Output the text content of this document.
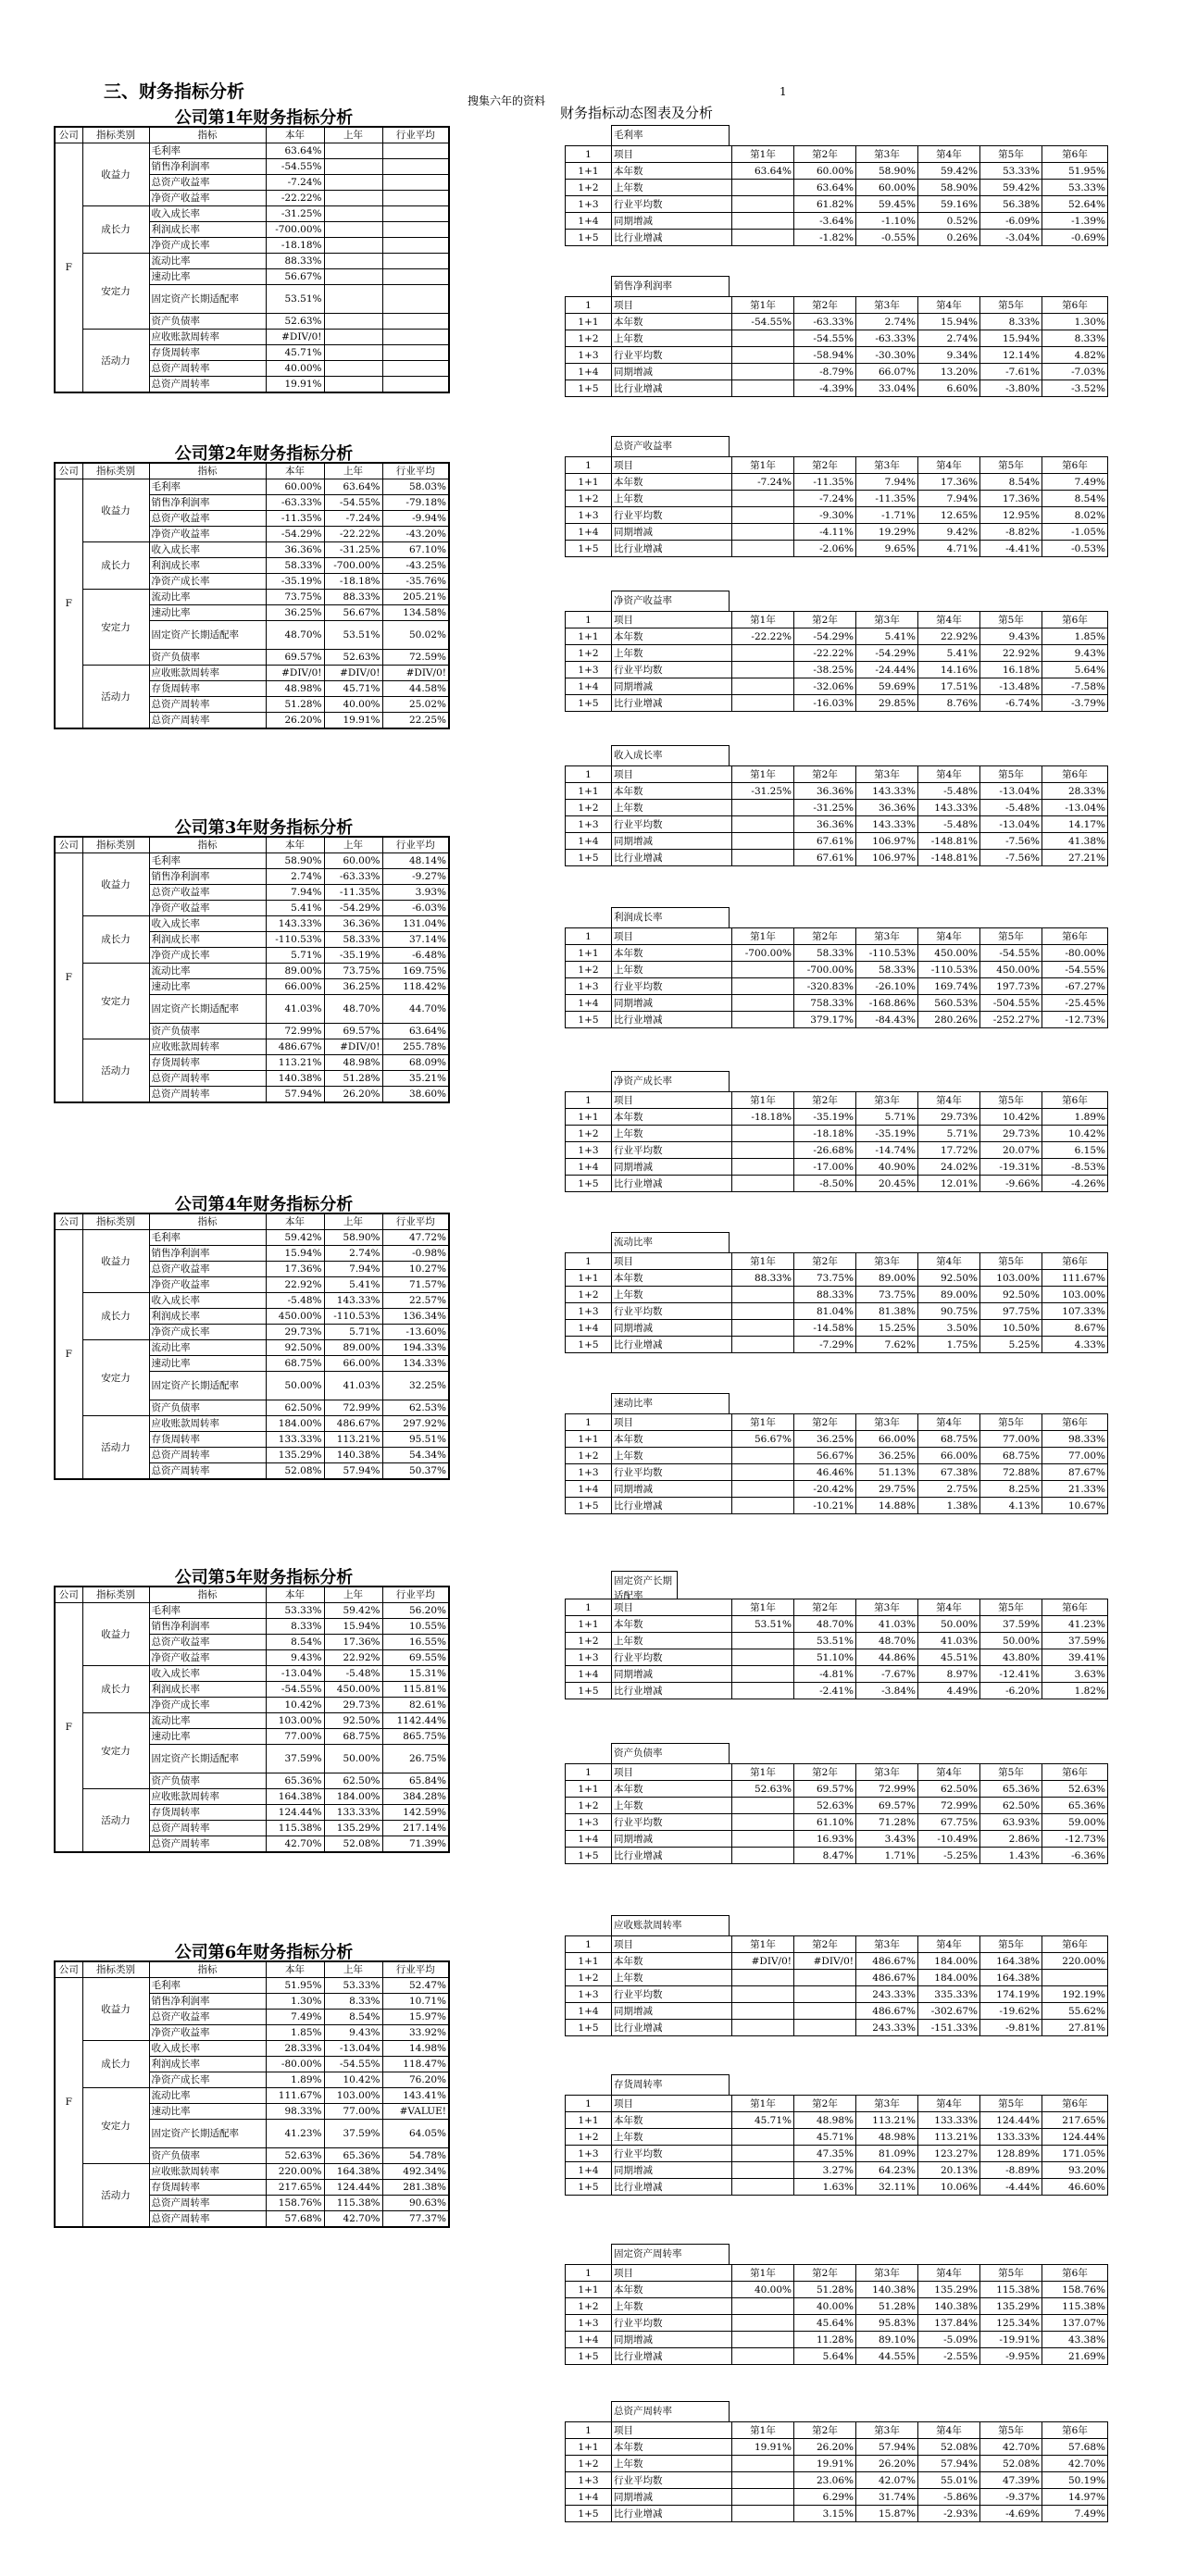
三、财务指标分析	搜集六年的资料
财务指标动态图表及分析
1
公司第1年财务指标分析
公司	指标类别	指标	本年	上年	行业平均
F	收益力	毛利率	63.64%		
		销售净利润率	-54.55%		
		总资产收益率	-7.24%		
		净资产收益率	-22.22%		
	成长力	收入成长率	-31.25%		
		利润成长率	-700.00%		
		净资产成长率	-18.18%		
	安定力	流动比率	88.33%		
		速动比率	56.67%		
		固定资产长期适配率	53.51%		
		资产负债率	52.63%		
	活动力	应收账款周转率	#DIV/0!		
		存货周转率	45.71%		
		总资产周转率	40.00%		
		总资产周转率	19.91%		
公司第2年财务指标分析
公司	指标类别	指标	本年	上年	行业平均
F	收益力	毛利率	60.00%	63.64%	58.03%
		销售净利润率	-63.33%	-54.55%	-79.18%
		总资产收益率	-11.35%	-7.24%	-9.94%
		净资产收益率	-54.29%	-22.22%	-43.20%
	成长力	收入成长率	36.36%	-31.25%	67.10%
		利润成长率	58.33%	-700.00%	-43.25%
		净资产成长率	-35.19%	-18.18%	-35.76%
	安定力	流动比率	73.75%	88.33%	205.21%
		速动比率	36.25%	56.67%	134.58%
		固定资产长期适配率	48.70%	53.51%	50.02%
		资产负债率	69.57%	52.63%	72.59%
	活动力	应收账款周转率	#DIV/0!	#DIV/0!	#DIV/0!
		存货周转率	48.98%	45.71%	44.58%
		总资产周转率	51.28%	40.00%	25.02%
		总资产周转率	26.20%	19.91%	22.25%
公司第3年财务指标分析
公司	指标类别	指标	本年	上年	行业平均
F	收益力	毛利率	58.90%	60.00%	48.14%
		销售净利润率	2.74%	-63.33%	-9.27%
		总资产收益率	7.94%	-11.35%	3.93%
		净资产收益率	5.41%	-54.29%	-6.03%
	成长力	收入成长率	143.33%	36.36%	131.04%
		利润成长率	-110.53%	58.33%	37.14%
		净资产成长率	5.71%	-35.19%	-6.48%
	安定力	流动比率	89.00%	73.75%	169.75%
		速动比率	66.00%	36.25%	118.42%
		固定资产长期适配率	41.03%	48.70%	44.70%
		资产负债率	72.99%	69.57%	63.64%
	活动力	应收账款周转率	486.67%	#DIV/0!	255.78%
		存货周转率	113.21%	48.98%	68.09%
		总资产周转率	140.38%	51.28%	35.21%
		总资产周转率	57.94%	26.20%	38.60%
公司第4年财务指标分析
公司	指标类别	指标	本年	上年	行业平均
F	收益力	毛利率	59.42%	58.90%	47.72%
		销售净利润率	15.94%	2.74%	-0.98%
		总资产收益率	17.36%	7.94%	10.27%
		净资产收益率	22.92%	5.41%	71.57%
	成长力	收入成长率	-5.48%	143.33%	22.57%
		利润成长率	450.00%	-110.53%	136.34%
		净资产成长率	29.73%	5.71%	-13.60%
	安定力	流动比率	92.50%	89.00%	194.33%
		速动比率	68.75%	66.00%	134.33%
		固定资产长期适配率	50.00%	41.03%	32.25%
		资产负债率	62.50%	72.99%	62.53%
	活动力	应收账款周转率	184.00%	486.67%	297.92%
		存货周转率	133.33%	113.21%	95.51%
		总资产周转率	135.29%	140.38%	54.34%
		总资产周转率	52.08%	57.94%	50.37%
公司第5年财务指标分析
公司	指标类别	指标	本年	上年	行业平均
F	收益力	毛利率	53.33%	59.42%	56.20%
		销售净利润率	8.33%	15.94%	10.55%
		总资产收益率	8.54%	17.36%	16.55%
		净资产收益率	9.43%	22.92%	69.55%
	成长力	收入成长率	-13.04%	-5.48%	15.31%
		利润成长率	-54.55%	450.00%	115.81%
		净资产成长率	10.42%	29.73%	82.61%
	安定力	流动比率	103.00%	92.50%	1142.44%
		速动比率	77.00%	68.75%	865.75%
		固定资产长期适配率	37.59%	50.00%	26.75%
		资产负债率	65.36%	62.50%	65.84%
	活动力	应收账款周转率	164.38%	184.00%	384.28%
		存货周转率	124.44%	133.33%	142.59%
		总资产周转率	115.38%	135.29%	217.14%
		总资产周转率	42.70%	52.08%	71.39%
公司第6年财务指标分析
公司	指标类别	指标	本年	上年	行业平均
F	收益力	毛利率	51.95%	53.33%	52.47%
		销售净利润率	1.30%	8.33%	10.71%
		总资产收益率	7.49%	8.54%	15.97%
		净资产收益率	1.85%	9.43%	33.92%
	成长力	收入成长率	28.33%	-13.04%	14.98%
		利润成长率	-80.00%	-54.55%	118.47%
		净资产成长率	1.89%	10.42%	76.20%
	安定力	流动比率	111.67%	103.00%	143.41%
		速动比率	98.33%	77.00%	#VALUE!
		固定资产长期适配率	41.23%	37.59%	64.05%
		资产负债率	52.63%	65.36%	54.78%
	活动力	应收账款周转率	220.00%	164.38%	492.34%
		存货周转率	217.65%	124.44%	281.38%
		总资产周转率	158.76%	115.38%	90.63%
		总资产周转率	57.68%	42.70%	77.37%
毛利率
1	项目	第1年	第2年	第3年	第4年	第5年	第6年
1+1	本年数	63.64%	60.00%	58.90%	59.42%	53.33%	51.95%
1+2	上年数		63.64%	60.00%	58.90%	59.42%	53.33%
1+3	行业平均数		61.82%	59.45%	59.16%	56.38%	52.64%
1+4	同期增减		-3.64%	-1.10%	0.52%	-6.09%	-1.39%
1+5	比行业增减		-1.82%	-0.55%	0.26%	-3.04%	-0.69%
销售净利润率
1	项目	第1年	第2年	第3年	第4年	第5年	第6年
1+1	本年数	-54.55%	-63.33%	2.74%	15.94%	8.33%	1.30%
1+2	上年数		-54.55%	-63.33%	2.74%	15.94%	8.33%
1+3	行业平均数		-58.94%	-30.30%	9.34%	12.14%	4.82%
1+4	同期增减		-8.79%	66.07%	13.20%	-7.61%	-7.03%
1+5	比行业增减		-4.39%	33.04%	6.60%	-3.80%	-3.52%
总资产收益率
1	项目	第1年	第2年	第3年	第4年	第5年	第6年
1+1	本年数	-7.24%	-11.35%	7.94%	17.36%	8.54%	7.49%
1+2	上年数		-7.24%	-11.35%	7.94%	17.36%	8.54%
1+3	行业平均数		-9.30%	-1.71%	12.65%	12.95%	8.02%
1+4	同期增减		-4.11%	19.29%	9.42%	-8.82%	-1.05%
1+5	比行业增减		-2.06%	9.65%	4.71%	-4.41%	-0.53%
净资产收益率
1	项目	第1年	第2年	第3年	第4年	第5年	第6年
1+1	本年数	-22.22%	-54.29%	5.41%	22.92%	9.43%	1.85%
1+2	上年数		-22.22%	-54.29%	5.41%	22.92%	9.43%
1+3	行业平均数		-38.25%	-24.44%	14.16%	16.18%	5.64%
1+4	同期增减		-32.06%	59.69%	17.51%	-13.48%	-7.58%
1+5	比行业增减		-16.03%	29.85%	8.76%	-6.74%	-3.79%
收入成长率
1	项目	第1年	第2年	第3年	第4年	第5年	第6年
1+1	本年数	-31.25%	36.36%	143.33%	-5.48%	-13.04%	28.33%
1+2	上年数		-31.25%	36.36%	143.33%	-5.48%	-13.04%
1+3	行业平均数		36.36%	143.33%	-5.48%	-13.04%	14.17%
1+4	同期增减		67.61%	106.97%	-148.81%	-7.56%	41.38%
1+5	比行业增减		67.61%	106.97%	-148.81%	-7.56%	27.21%
利润成长率
1	项目	第1年	第2年	第3年	第4年	第5年	第6年
1+1	本年数	-700.00%	58.33%	-110.53%	450.00%	-54.55%	-80.00%
1+2	上年数		-700.00%	58.33%	-110.53%	450.00%	-54.55%
1+3	行业平均数		-320.83%	-26.10%	169.74%	197.73%	-67.27%
1+4	同期增减		758.33%	-168.86%	560.53%	-504.55%	-25.45%
1+5	比行业增减		379.17%	-84.43%	280.26%	-252.27%	-12.73%
净资产成长率
1	项目	第1年	第2年	第3年	第4年	第5年	第6年
1+1	本年数	-18.18%	-35.19%	5.71%	29.73%	10.42%	1.89%
1+2	上年数		-18.18%	-35.19%	5.71%	29.73%	10.42%
1+3	行业平均数		-26.68%	-14.74%	17.72%	20.07%	6.15%
1+4	同期增减		-17.00%	40.90%	24.02%	-19.31%	-8.53%
1+5	比行业增减		-8.50%	20.45%	12.01%	-9.66%	-4.26%
流动比率
1	项目	第1年	第2年	第3年	第4年	第5年	第6年
1+1	本年数	88.33%	73.75%	89.00%	92.50%	103.00%	111.67%
1+2	上年数		88.33%	73.75%	89.00%	92.50%	103.00%
1+3	行业平均数		81.04%	81.38%	90.75%	97.75%	107.33%
1+4	同期增减		-14.58%	15.25%	3.50%	10.50%	8.67%
1+5	比行业增减		-7.29%	7.62%	1.75%	5.25%	4.33%
速动比率
1	项目	第1年	第2年	第3年	第4年	第5年	第6年
1+1	本年数	56.67%	36.25%	66.00%	68.75%	77.00%	98.33%
1+2	上年数		56.67%	36.25%	66.00%	68.75%	77.00%
1+3	行业平均数		46.46%	51.13%	67.38%	72.88%	87.67%
1+4	同期增减		-20.42%	29.75%	2.75%	8.25%	21.33%
1+5	比行业增减		-10.21%	14.88%	1.38%	4.13%	10.67%
固定资产长期适配率
1	项目	第1年	第2年	第3年	第4年	第5年	第6年
1+1	本年数	53.51%	48.70%	41.03%	50.00%	37.59%	41.23%
1+2	上年数		53.51%	48.70%	41.03%	50.00%	37.59%
1+3	行业平均数		51.10%	44.86%	45.51%	43.80%	39.41%
1+4	同期增减		-4.81%	-7.67%	8.97%	-12.41%	3.63%
1+5	比行业增减		-2.41%	-3.84%	4.49%	-6.20%	1.82%
资产负债率
1	项目	第1年	第2年	第3年	第4年	第5年	第6年
1+1	本年数	52.63%	69.57%	72.99%	62.50%	65.36%	52.63%
1+2	上年数		52.63%	69.57%	72.99%	62.50%	65.36%
1+3	行业平均数		61.10%	71.28%	67.75%	63.93%	59.00%
1+4	同期增减		16.93%	3.43%	-10.49%	2.86%	-12.73%
1+5	比行业增减		8.47%	1.71%	-5.25%	1.43%	-6.36%
应收账款周转率
1	项目	第1年	第2年	第3年	第4年	第5年	第6年
1+1	本年数	#DIV/0!	#DIV/0!	486.67%	184.00%	164.38%	220.00%
1+2	上年数			486.67%	184.00%	164.38%	
1+3	行业平均数			243.33%	335.33%	174.19%	192.19%
1+4	同期增减			486.67%	-302.67%	-19.62%	55.62%
1+5	比行业增减			243.33%	-151.33%	-9.81%	27.81%
存货周转率
1	项目	第1年	第2年	第3年	第4年	第5年	第6年
1+1	本年数	45.71%	48.98%	113.21%	133.33%	124.44%	217.65%
1+2	上年数		45.71%	48.98%	113.21%	133.33%	124.44%
1+3	行业平均数		47.35%	81.09%	123.27%	128.89%	171.05%
1+4	同期增减		3.27%	64.23%	20.13%	-8.89%	93.20%
1+5	比行业增减		1.63%	32.11%	10.06%	-4.44%	46.60%
固定资产周转率
1	项目	第1年	第2年	第3年	第4年	第5年	第6年
1+1	本年数	40.00%	51.28%	140.38%	135.29%	115.38%	158.76%
1+2	上年数		40.00%	51.28%	140.38%	135.29%	115.38%
1+3	行业平均数		45.64%	95.83%	137.84%	125.34%	137.07%
1+4	同期增减		11.28%	89.10%	-5.09%	-19.91%	43.38%
1+5	比行业增减		5.64%	44.55%	-2.55%	-9.95%	21.69%
总资产周转率
1	项目	第1年	第2年	第3年	第4年	第5年	第6年
1+1	本年数	19.91%	26.20%	57.94%	52.08%	42.70%	57.68%
1+2	上年数		19.91%	26.20%	57.94%	52.08%	42.70%
1+3	行业平均数		23.06%	42.07%	55.01%	47.39%	50.19%
1+4	同期增减		6.29%	31.74%	-5.86%	-9.37%	14.97%
1+5	比行业增减		3.15%	15.87%	-2.93%	-4.69%	7.49%
